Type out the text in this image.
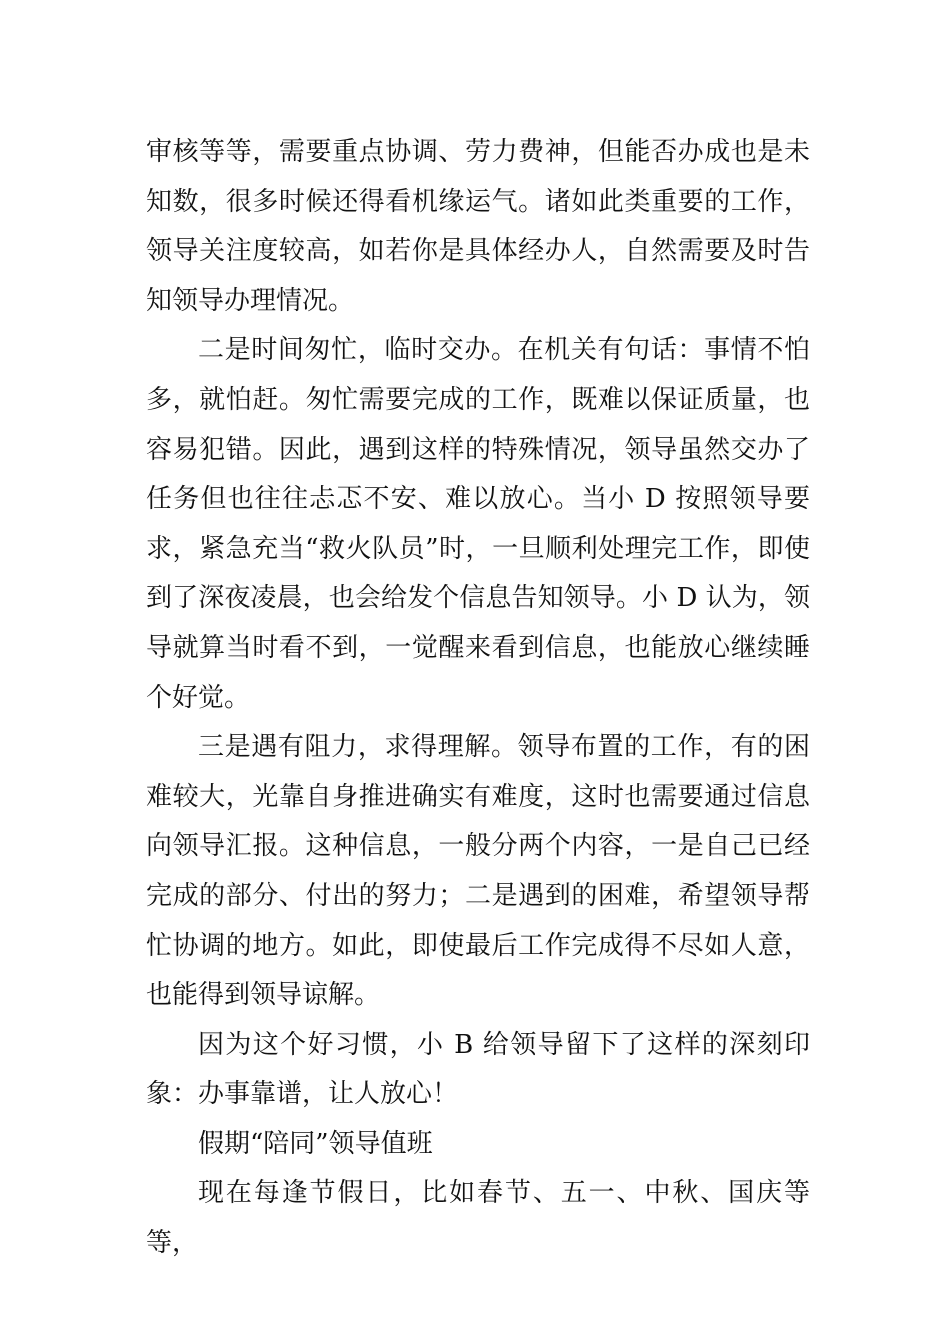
审核等等，需要重点协调、劳力费神，但能否办成也是未知数，很多时候还得看机缘运气。诸如此类重要的工作，领导关注度较高，如若你是具体经办人，自然需要及时告知领导办理情况。

二是时间匆忙，临时交办。在机关有句话：事情不怕多，就怕赶。匆忙需要完成的工作，既难以保证质量，也容易犯错。因此，遇到这样的特殊情况，领导虽然交办了任务但也往往忐忑不安、难以放心。当小 D 按照领导要求，紧急充当“救火队员”时，一旦顺利处理完工作，即使到了深夜凌晨，也会给发个信息告知领导。小 D 认为，领导就算当时看不到，一觉醒来看到信息，也能放心继续睡个好觉。

三是遇有阻力，求得理解。领导布置的工作，有的困难较大，光靠自身推进确实有难度，这时也需要通过信息向领导汇报。这种信息，一般分两个内容，一是自己已经完成的部分、付出的努力；二是遇到的困难，希望领导帮忙协调的地方。如此，即使最后工作完成得不尽如人意，也能得到领导谅解。

因为这个好习惯，小 B 给领导留下了这样的深刻印象：办事靠谱，让人放心！

假期“陪同”领导值班

现在每逢节假日，比如春节、五一、中秋、国庆等等，
